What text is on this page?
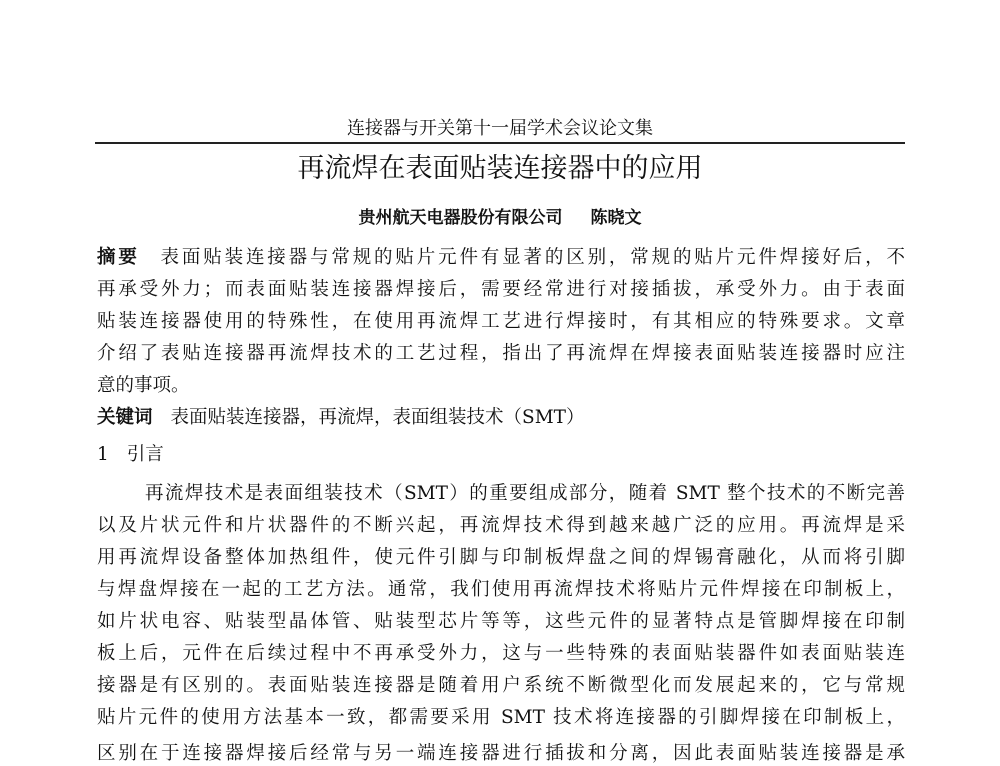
连接器与开关第十一届学术会议论文集
再流焊在表面贴装连接器中的应用
贵州航天电器股份有限公司 陈晓文
摘要 表面贴装连接器与常规的贴片元件有显著的区别，常规的贴片元件焊接好后，不
再承受外力；而表面贴装连接器焊接后，需要经常进行对接插拔，承受外力。由于表面
贴装连接器使用的特殊性，在使用再流焊工艺进行焊接时，有其相应的特殊要求。文章
介绍了表贴连接器再流焊技术的工艺过程，指出了再流焊在焊接表面贴装连接器时应注
意的事项。
关键词 表面贴装连接器，再流焊，表面组装技术（SMT）
1 引言
再流焊技术是表面组装技术（SMT）的重要组成部分，随着 SMT 整个技术的不断完善
以及片状元件和片状器件的不断兴起，再流焊技术得到越来越广泛的应用。再流焊是采
用再流焊设备整体加热组件，使元件引脚与印制板焊盘之间的焊锡膏融化，从而将引脚
与焊盘焊接在一起的工艺方法。通常，我们使用再流焊技术将贴片元件焊接在印制板上，
如片状电容、贴装型晶体管、贴装型芯片等等，这些元件的显著特点是管脚焊接在印制
板上后，元件在后续过程中不再承受外力，这与一些特殊的表面贴装器件如表面贴装连
接器是有区别的。表面贴装连接器是随着用户系统不断微型化而发展起来的，它与常规
贴片元件的使用方法基本一致，都需要采用 SMT 技术将连接器的引脚焊接在印制板上，
区别在于连接器焊接后经常与另一端连接器进行插拔和分离，因此表面贴装连接器是承
